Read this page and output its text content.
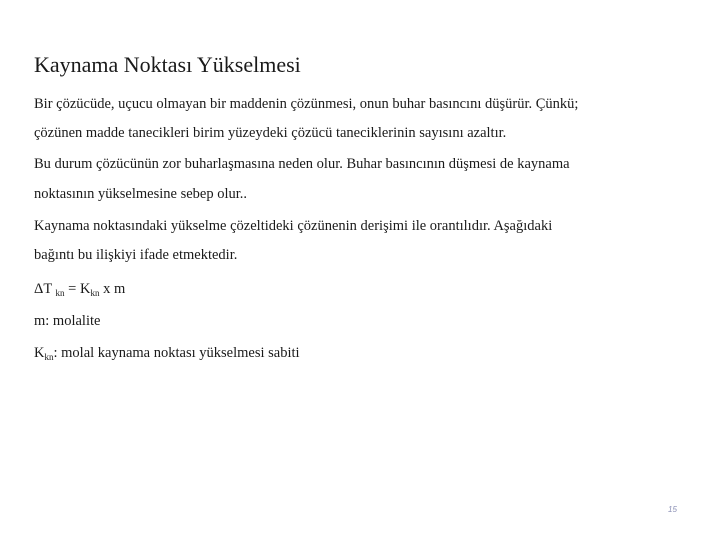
Kaynama Noktası Yükselmesi
Bir çözücüde, uçucu olmayan bir maddenin çözünmesi, onun buhar basıncını düşürür. Çünkü;
çözünen madde tanecikleri birim yüzeydeki çözücü taneciklerinin sayısını azaltır.
Bu durum çözücünün zor buharlaşmasına neden olur. Buhar basıncının düşmesi de kaynama
noktasının yükselmesine sebep olur..
Kaynama noktasındaki yükselme çözeltideki çözünenin derişimi ile orantılıdır. Aşağıdaki
bağıntı bu ilişkiyi ifade etmektedir.
ΔT $_{kn} = K_{kn}$ x m
m: molalite
$K_{kn}$: molal kaynama noktası yükselmesi sabiti
15
